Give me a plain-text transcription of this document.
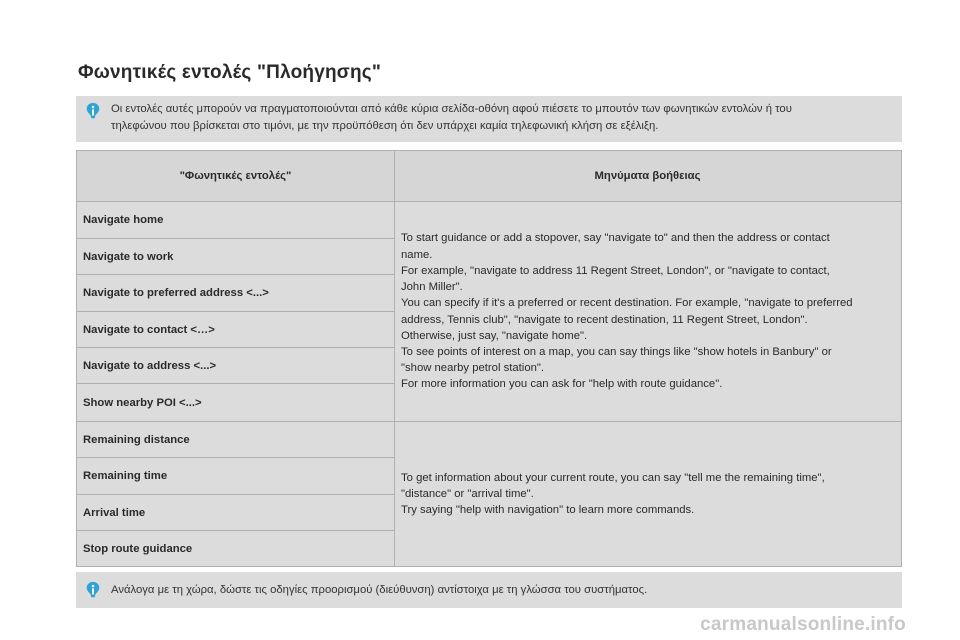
Φωνητικές εντολές "Πλοήγησης"
Οι εντολές αυτές μπορούν να πραγματοποιούνται από κάθε κύρια σελίδα-οθόνη αφού πιέσετε το μπουτόν των φωνητικών εντολών ή του
τηλεφώνου που βρίσκεται στο τιμόνι, με την προϋπόθεση ότι δεν υπάρχει καμία τηλεφωνική κλήση σε εξέλιξη.
"Φωνητικές εντολές"	Μηνύματα βοήθειας
Navigate home
Navigate to work
Navigate to preferred address <...>
Navigate to contact <…>
Navigate to address <...>
Show nearby POI <...>
To start guidance or add a stopover, say "navigate to" and then the address or contact
name.
For example, "navigate to address 11 Regent Street, London", or "navigate to contact,
John Miller".
You can specify if it's a preferred or recent destination. For example, "navigate to preferred
address, Tennis club", "navigate to recent destination, 11 Regent Street, London".
Otherwise, just say, "navigate home".
To see points of interest on a map, you can say things like "show hotels in Banbury" or
"show nearby petrol station".
For more information you can ask for "help with route guidance".
Remaining distance
Remaining time
Arrival time
Stop route guidance
To get information about your current route, you can say "tell me the remaining time",
"distance" or "arrival time".
Try saying "help with navigation" to learn more commands.
Ανάλογα με τη χώρα, δώστε τις οδηγίες προορισμού (διεύθυνση) αντίστοιχα με τη γλώσσα του συστήματος.
carmanualsonline.info
